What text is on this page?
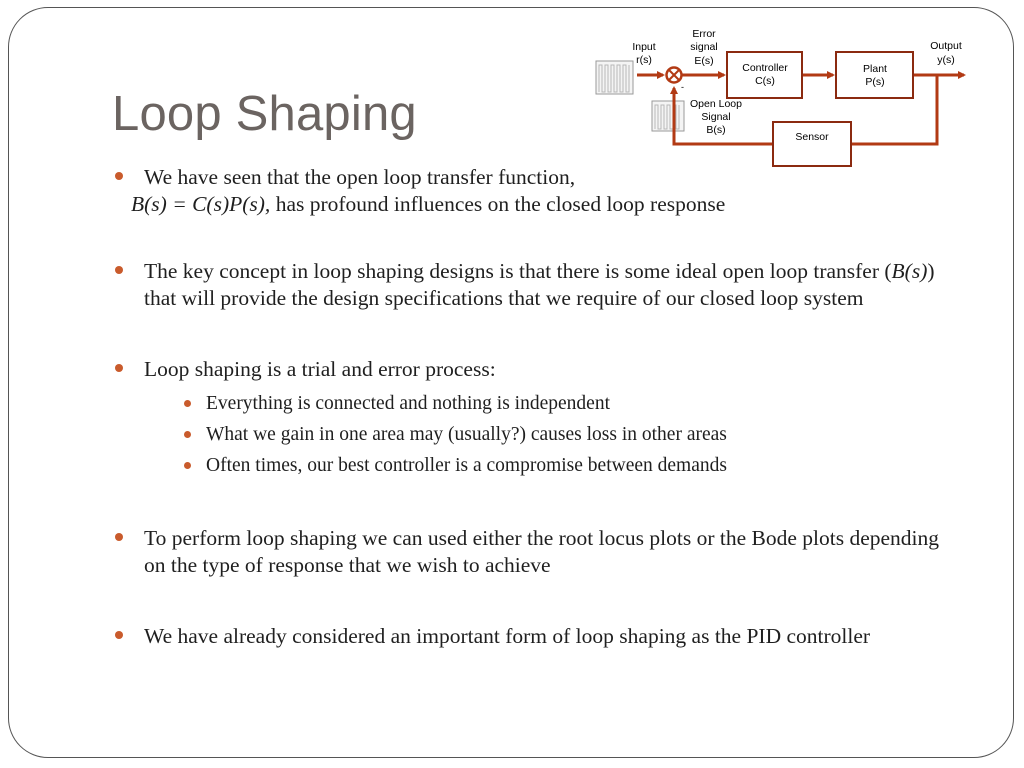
Loop Shaping	-
Input
r(s)
Error
signal
E(s)
Controller
C(s)
Plant
P(s)
Output
y(s)
Open Loop
Signal
B(s)
Sensor
We have seen that the open loop transfer function,
B(s) = C(s)P(s), has profound influences on the closed loop response
The key concept in loop shaping designs is that there is some ideal open loop transfer (B(s)) that will provide the design specifications that we require of our closed loop system
Loop shaping is a trial and error process:
Everything is connected and nothing is independent
What we gain in one area may (usually?) causes loss in other areas
Often times, our best controller is a compromise between demands
To perform loop shaping we can used either the root locus plots or the Bode plots depending on the type of response that we wish to achieve
We have already considered an important form of loop shaping as the PID controller
